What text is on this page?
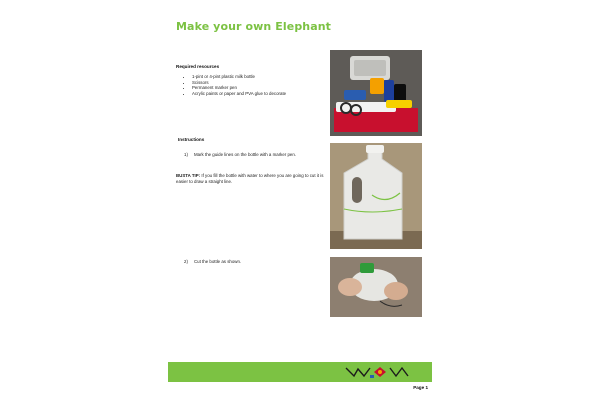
Make your own Elephant
Required resources
• 1-pint or 4-pint plastic milk bottle
• Scissors
• Permanent marker pen
• Acrylic paints or paper and PVA glue to decorate
Instructions
1) Mark the guide lines on the bottle with a marker pen.
BUSTA TIP: If you fill the bottle with water to where you are going to cut it is easier to draw a straight line.
2) Cut the bottle as shown.
Page 1
